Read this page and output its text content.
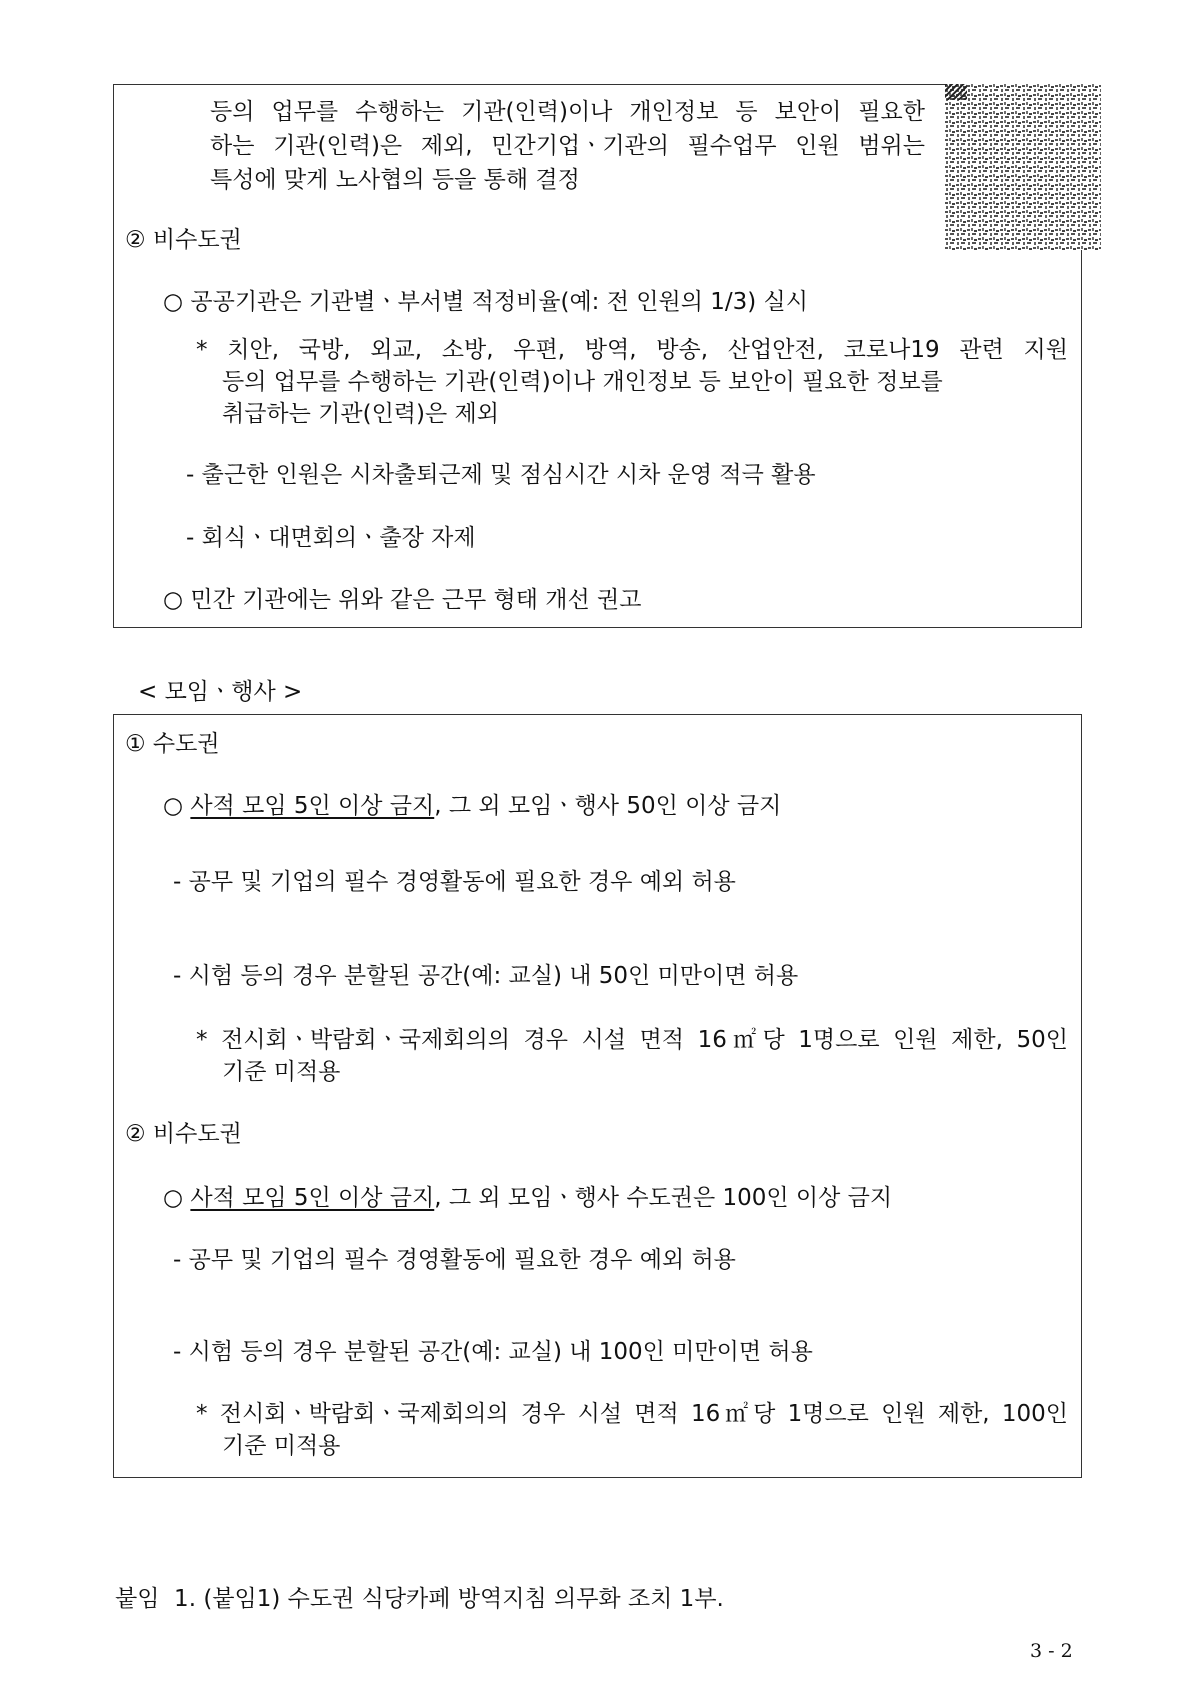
등의 업무를 수행하는 기관(인력)이나 개인정보 등 보안이 필요한
하는 기관(인력)은 제외, 민간기업ㆍ기관의 필수업무 인원 범위는
특성에 맞게 노사협의 등을 통해 결정
② 비수도권
○ 공공기관은 기관별ㆍ부서별 적정비율(예: 전 인원의 1/3) 실시
* 치안, 국방, 외교, 소방, 우편, 방역, 방송, 산업안전, 코로나19 관련 지원
등의 업무를 수행하는 기관(인력)이나 개인정보 등 보안이 필요한 정보를
취급하는 기관(인력)은 제외
- 출근한 인원은 시차출퇴근제 및 점심시간 시차 운영 적극 활용
- 회식ㆍ대면회의ㆍ출장 자제
○ 민간 기관에는 위와 같은 근무 형태 개선 권고
< 모임ㆍ행사 >
① 수도권
○ 사적 모임 5인 이상 금지, 그 외 모임ㆍ행사 50인 이상 금지
- 공무 및 기업의 필수 경영활동에 필요한 경우 예외 허용
- 시험 등의 경우 분할된 공간(예: 교실) 내 50인 미만이면 허용
* 전시회ㆍ박람회ㆍ국제회의의 경우 시설 면적 16㎡당 1명으로 인원 제한, 50인
기준 미적용
② 비수도권
○ 사적 모임 5인 이상 금지, 그 외 모임ㆍ행사 수도권은 100인 이상 금지
- 공무 및 기업의 필수 경영활동에 필요한 경우 예외 허용
- 시험 등의 경우 분할된 공간(예: 교실) 내 100인 미만이면 허용
* 전시회ㆍ박람회ㆍ국제회의의 경우 시설 면적 16㎡당 1명으로 인원 제한, 100인
기준 미적용
붙임  1. (붙임1) 수도권 식당카페 방역지침 의무화 조치 1부.
3 - 2
